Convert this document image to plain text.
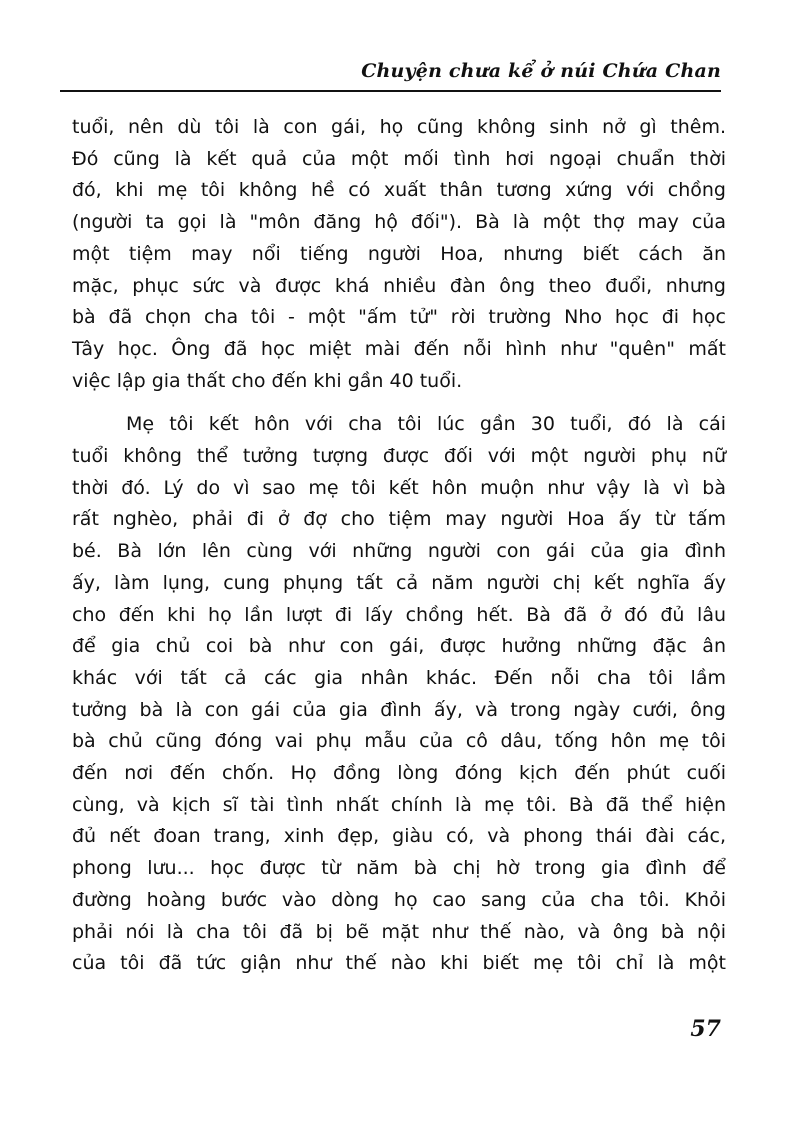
Chuyện chưa kể ở núi Chứa Chan
tuổi, nên dù tôi là con gái, họ cũng không sinh nở gì thêm.
Đó cũng là kết quả của một mối tình hơi ngoại chuẩn thời
đó, khi mẹ tôi không hề có xuất thân tương xứng với chồng
(người ta gọi là "môn đăng hộ đối"). Bà là một thợ may của
một tiệm may nổi tiếng người Hoa, nhưng biết cách ăn
mặc, phục sức và được khá nhiều đàn ông theo đuổi, nhưng
bà đã chọn cha tôi - một "ấm tử" rời trường Nho học đi học
Tây học. Ông đã học miệt mài đến nỗi hình như "quên" mất
việc lập gia thất cho đến khi gần 40 tuổi.
Mẹ tôi kết hôn với cha tôi lúc gần 30 tuổi, đó là cái
tuổi không thể tưởng tượng được đối với một người phụ nữ
thời đó. Lý do vì sao mẹ tôi kết hôn muộn như vậy là vì bà
rất nghèo, phải đi ở đợ cho tiệm may người Hoa ấy từ tấm
bé. Bà lớn lên cùng với những người con gái của gia đình
ấy, làm lụng, cung phụng tất cả năm người chị kết nghĩa ấy
cho đến khi họ lần lượt đi lấy chồng hết. Bà đã ở đó đủ lâu
để gia chủ coi bà như con gái, được hưởng những đặc ân
khác với tất cả các gia nhân khác. Đến nỗi cha tôi lầm
tưởng bà là con gái của gia đình ấy, và trong ngày cưới, ông
bà chủ cũng đóng vai phụ mẫu của cô dâu, tống hôn mẹ tôi
đến nơi đến chốn. Họ đồng lòng đóng kịch đến phút cuối
cùng, và kịch sĩ tài tình nhất chính là mẹ tôi. Bà đã thể hiện
đủ nết đoan trang, xinh đẹp, giàu có, và phong thái đài các,
phong lưu... học được từ năm bà chị hờ trong gia đình để
đường hoàng bước vào dòng họ cao sang của cha tôi. Khỏi
phải nói là cha tôi đã bị bẽ mặt như thế nào, và ông bà nội
của tôi đã tức giận như thế nào khi biết mẹ tôi chỉ là một
57
